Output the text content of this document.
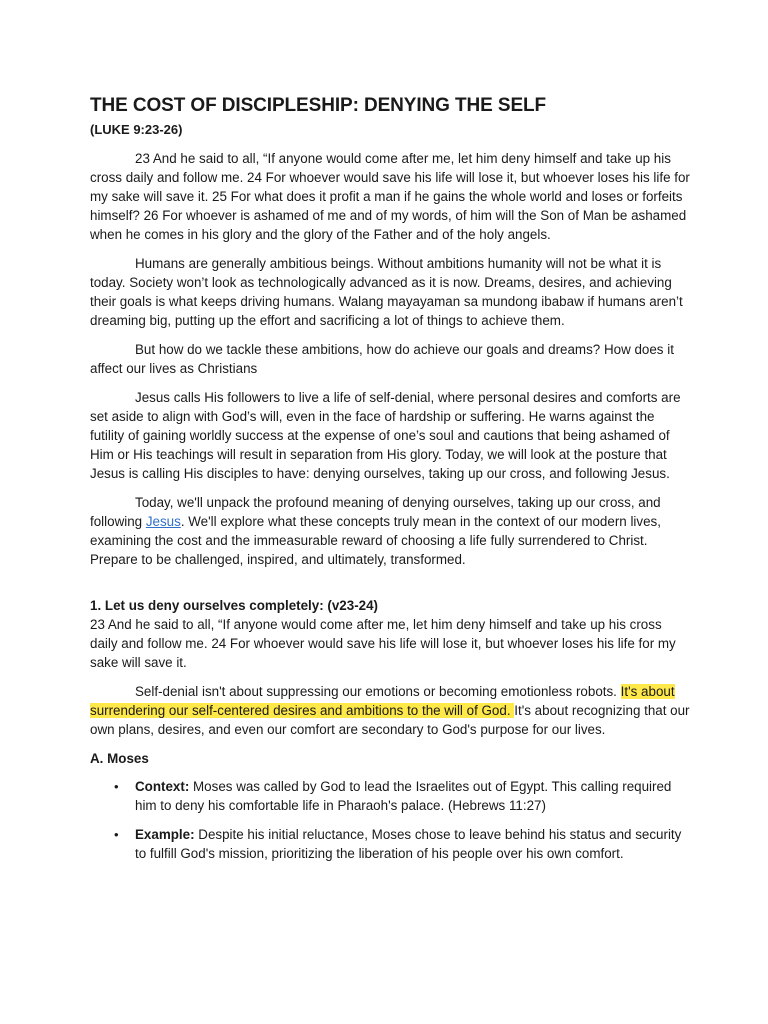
THE COST OF DISCIPLESHIP: DENYING THE SELF
(LUKE 9:23-26)

23 And he said to all, “If anyone would come after me, let him deny himself and take up his cross daily and follow me. 24 For whoever would save his life will lose it, but whoever loses his life for my sake will save it. 25 For what does it profit a man if he gains the whole world and loses or forfeits himself? 26 For whoever is ashamed of me and of my words, of him will the Son of Man be ashamed when he comes in his glory and the glory of the Father and of the holy angels.

Humans are generally ambitious beings. Without ambitions humanity will not be what it is today. Society won’t look as technologically advanced as it is now. Dreams, desires, and achieving their goals is what keeps driving humans. Walang mayayaman sa mundong ibabaw if humans aren’t dreaming big, putting up the effort and sacrificing a lot of things to achieve them.

But how do we tackle these ambitions, how do achieve our goals and dreams? How does it affect our lives as Christians

Jesus calls His followers to live a life of self-denial, where personal desires and comforts are set aside to align with God’s will, even in the face of hardship or suffering. He warns against the futility of gaining worldly success at the expense of one’s soul and cautions that being ashamed of Him or His teachings will result in separation from His glory. Today, we will look at the posture that Jesus is calling His disciples to have: denying ourselves, taking up our cross, and following Jesus.

Today, we'll unpack the profound meaning of denying ourselves, taking up our cross, and following Jesus. We'll explore what these concepts truly mean in the context of our modern lives, examining the cost and the immeasurable reward of choosing a life fully surrendered to Christ. Prepare to be challenged, inspired, and ultimately, transformed.

1. Let us deny ourselves completely: (v23-24)

23 And he said to all, “If anyone would come after me, let him deny himself and take up his cross daily and follow me. 24 For whoever would save his life will lose it, but whoever loses his life for my sake will save it.

Self-denial isn't about suppressing our emotions or becoming emotionless robots. It's about surrendering our self-centered desires and ambitions to the will of God. It's about recognizing that our own plans, desires, and even our comfort are secondary to God's purpose for our lives.

A. Moses

• Context: Moses was called by God to lead the Israelites out of Egypt. This calling required him to deny his comfortable life in Pharaoh's palace. (Hebrews 11:27)
• Example: Despite his initial reluctance, Moses chose to leave behind his status and security to fulfill God's mission, prioritizing the liberation of his people over his own comfort.
